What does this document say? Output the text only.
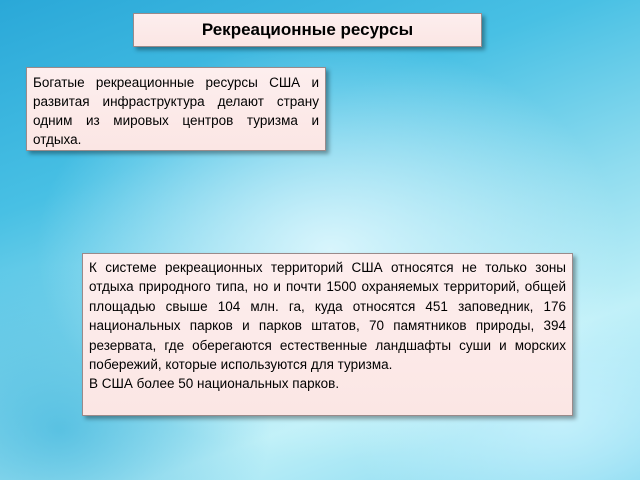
Рекреационные ресурсы
Богатые рекреационные ресурсы США и развитая инфраструктура делают страну одним из мировых центров туризма и отдыха.

К системе рекреационных территорий США относятся не только зоны отдыха природного типа, но и почти 1500 охраняемых территорий, общей площадью свыше 104 млн. га, куда относятся 451 заповедник, 176 национальных парков и парков штатов, 70 памятников природы, 394 резервата, где оберегаются естественные ландшафты суши и морских побережий, которые используются для туризма.

В США более 50 национальных парков.
